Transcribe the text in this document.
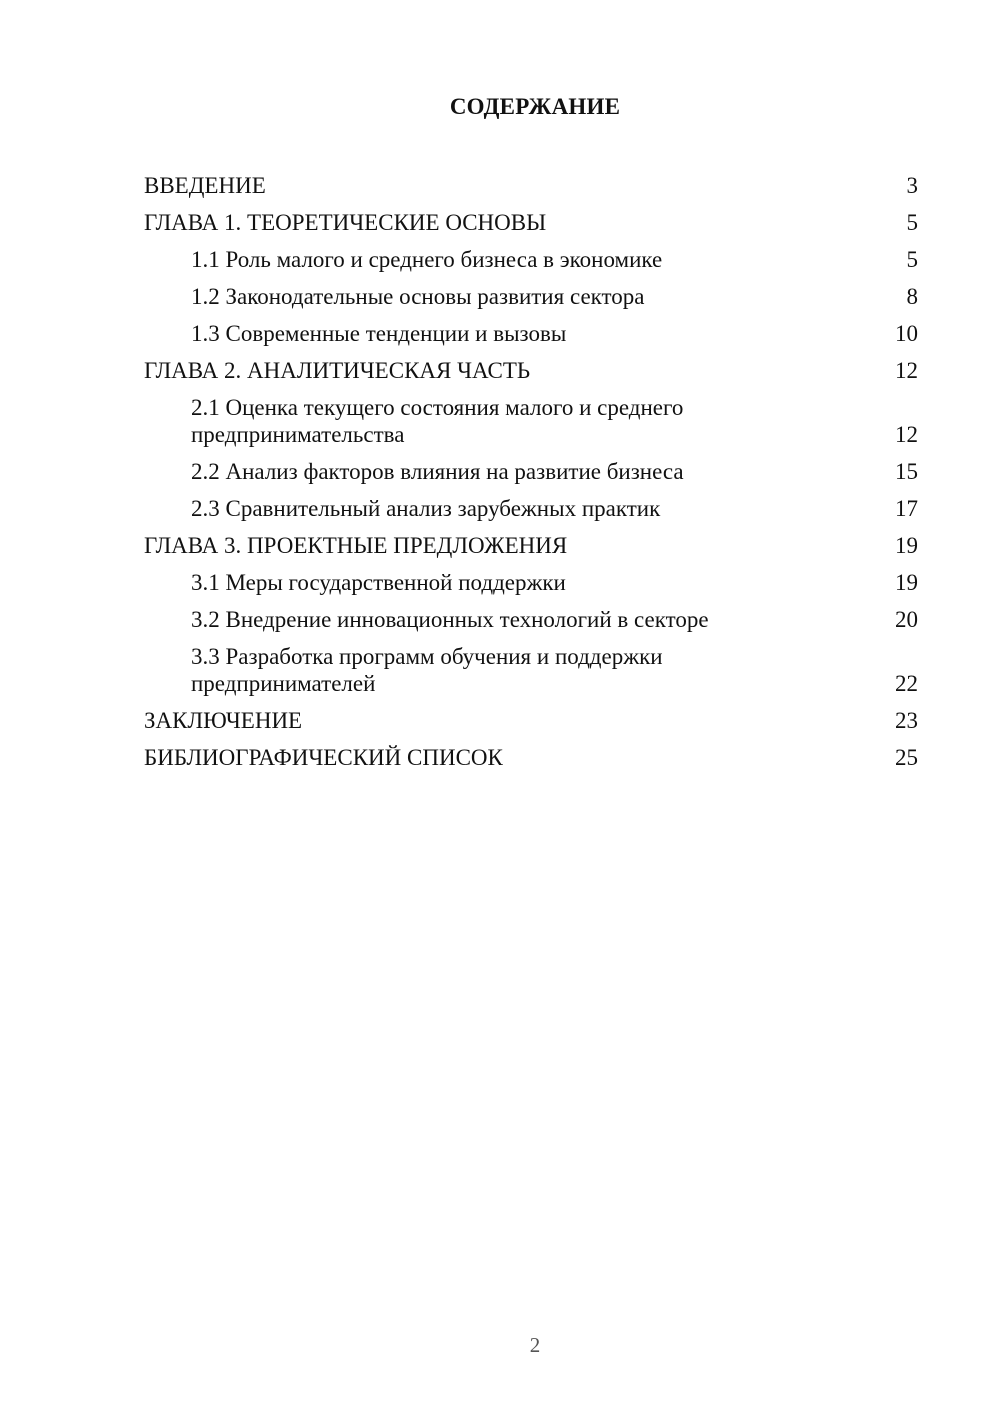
СОДЕРЖАНИЕ
ВВЕДЕНИЕ	3
ГЛАВА 1. ТЕОРЕТИЧЕСКИЕ ОСНОВЫ	5
1.1 Роль малого и среднего бизнеса в экономике	5
1.2 Законодательные основы развития сектора	8
1.3 Современные тенденции и вызовы	10
ГЛАВА 2. АНАЛИТИЧЕСКАЯ ЧАСТЬ	12
2.1 Оценка текущего состояния малого и среднего предпринимательства	12
2.2 Анализ факторов влияния на развитие бизнеса	15
2.3 Сравнительный анализ зарубежных практик	17
ГЛАВА 3. ПРОЕКТНЫЕ ПРЕДЛОЖЕНИЯ	19
3.1 Меры государственной поддержки	19
3.2 Внедрение инновационных технологий в секторе	20
3.3 Разработка программ обучения и поддержки предпринимателей	22
ЗАКЛЮЧЕНИЕ	23
БИБЛИОГРАФИЧЕСКИЙ СПИСОК	25
2
